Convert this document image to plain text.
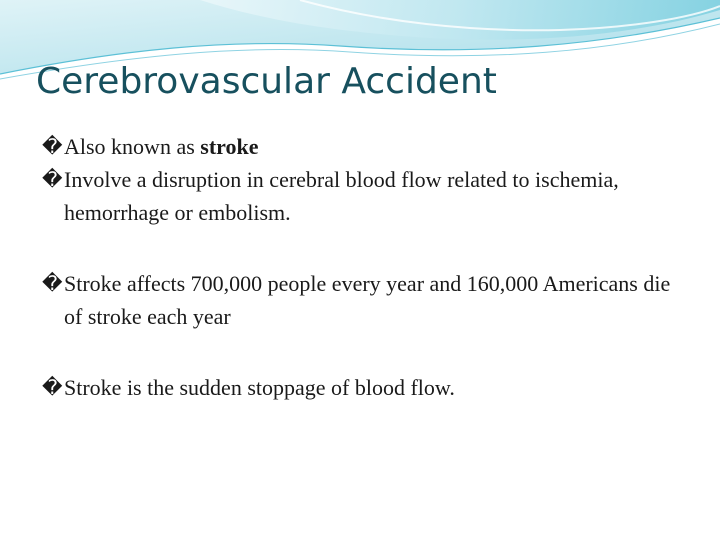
Cerebrovascular Accident
� Also known as stroke
� Involve a disruption in cerebral blood flow related to ischemia, hemorrhage or embolism.
� Stroke affects 700,000 people every year and 160,000 Americans die of stroke each year
� Stroke is the sudden stoppage of blood flow.
